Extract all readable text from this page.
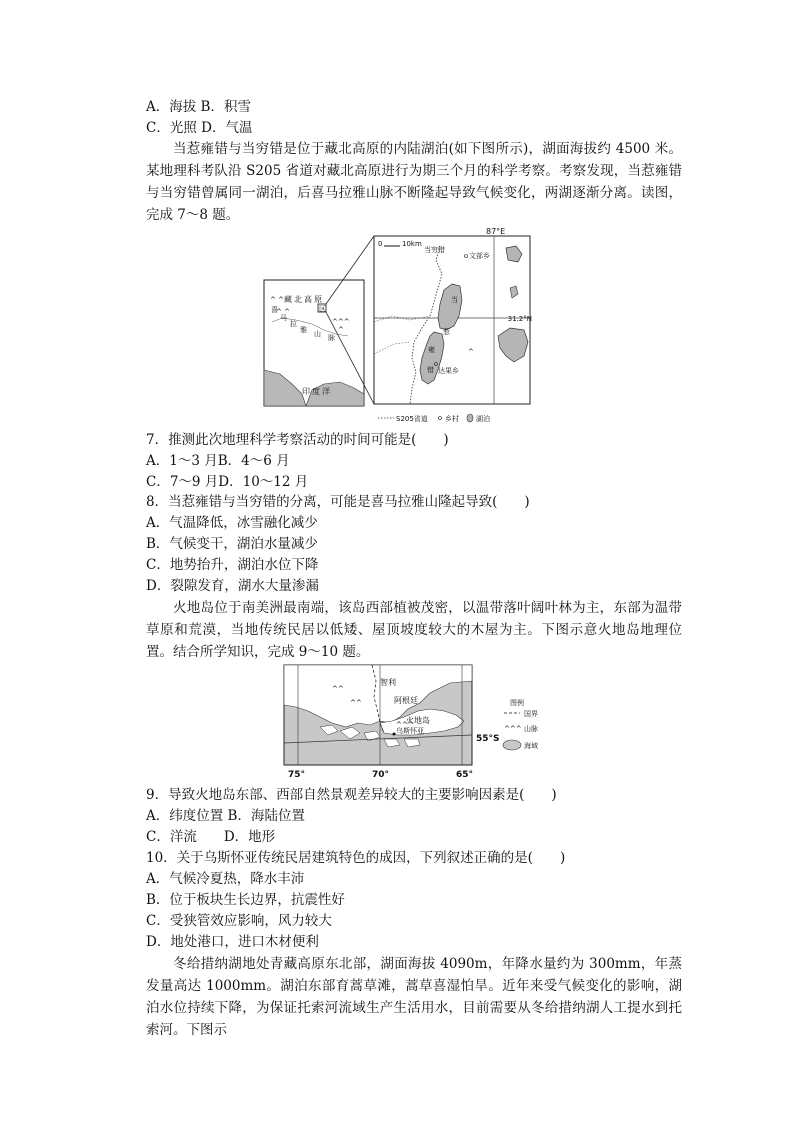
A．海拔 B．积雪
C．光照 D．气温
当惹雍错与当穷错是位于藏北高原的内陆湖泊(如下图所示)，湖面海拔约 4500 米。某地理科考队沿 S205 省道对藏北高原进行为期三个月的科学考察。考察发现，当惹雍错与当穷错曾属同一湖泊，后喜马拉雅山脉不断隆起导致气候变化，两湖逐渐分离。读图，完成 7～8 题。
^ ^
^ ^
^^^
^
藏 北 高 原
区
喜
马
拉
雅 山 脉
印 度 洋
87°E
31.2°N
0	10km
当穷错
文部乡
当
惹
雍
错 达果乡
^
S205省道 乡村 湖泊
7．推测此次地理科学考察活动的时间可能是(　　)
A．1～3 月B．4～6 月
C．7～9 月D．10～12 月
8．当惹雍错与当穷错的分离，可能是喜马拉雅山隆起导致(　　)
A．气温降低，冰雪融化减少
B．气候变干，湖泊水量减少
C．地势抬升，湖泊水位下降
D．裂隙发育，湖水大量渗漏
火地岛位于南美洲最南端，该岛西部植被茂密，以温带落叶阔叶林为主，东部为温带草原和荒漠，当地传统民居以低矮、屋顶坡度较大的木屋为主。下图示意火地岛地理位置。结合所学知识，完成 9～10 题。
^^
^^
^^^
智利
阿根廷
火地岛
乌斯怀亚
55°S
75°	70°	65°
图例
国界
^^^ 山脉
海域
9．导致火地岛东部、西部自然景观差异较大的主要影响因素是(　　)
A．纬度位置 B．海陆位置
C．洋流　　D．地形
10．关于乌斯怀亚传统民居建筑特色的成因，下列叙述正确的是(　　)
A．气候冷夏热，降水丰沛
B．位于板块生长边界，抗震性好
C．受狭管效应影响，风力较大
D．地处港口，进口木材便利
冬给措纳湖地处青藏高原东北部，湖面海拔 4090m，年降水量约为 300mm，年蒸发量高达 1000mm。湖泊东部育蒿草滩，蒿草喜湿怕旱。近年来受气候变化的影响，湖泊水位持续下降，为保证托索河流域生产生活用水，目前需要从冬给措纳湖人工提水到托索河。下图示
